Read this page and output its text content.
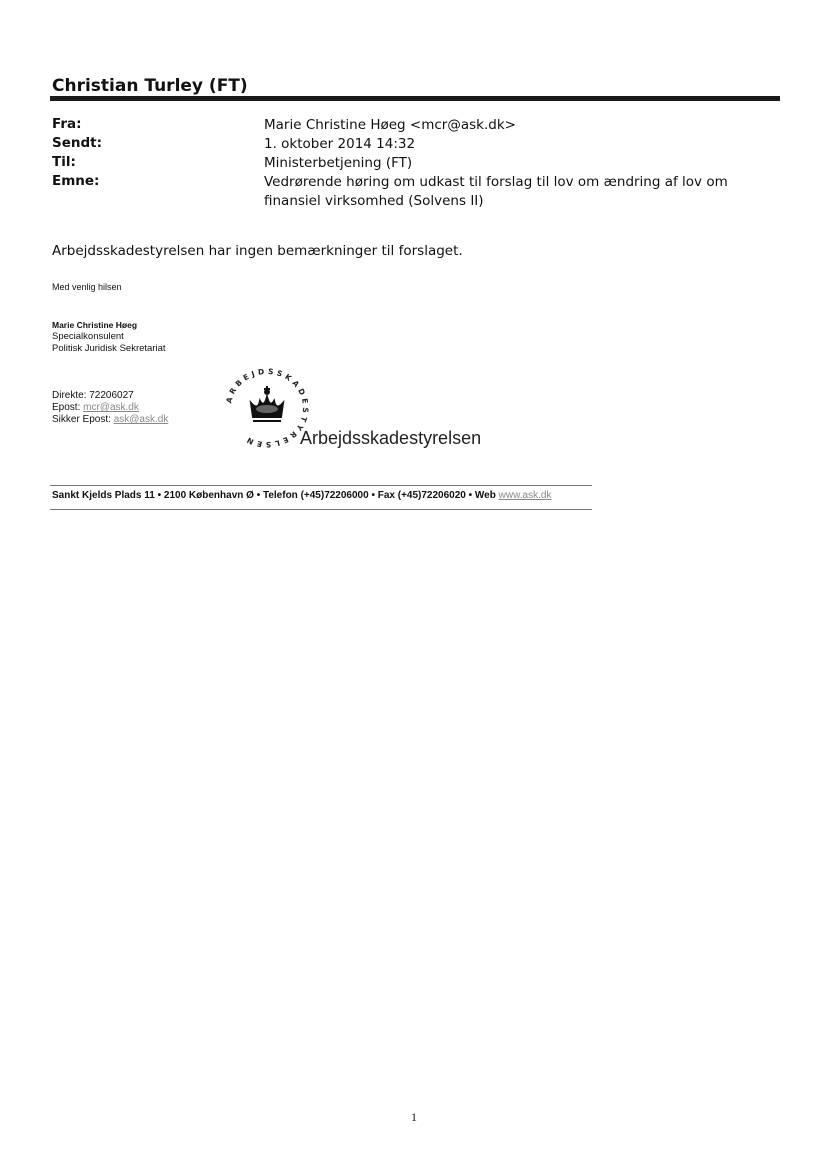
Christian Turley (FT)
Fra:	Marie Christine Høeg <mcr@ask.dk>
Sendt:	1. oktober 2014 14:32
Til:	Ministerbetjening (FT)
Emne:	Vedrørende høring om udkast til forslag til lov om ændring af lov om finansiel virksomhed (Solvens II)
Arbejdsskadestyrelsen har ingen bemærkninger til forslaget.
Med venlig hilsen
Marie Christine Høeg
Specialkonsulent
Politisk Juridisk Sekretariat
Direkte: 72206027
Epost: mcr@ask.dk
Sikker Epost: ask@ask.dk
ARBEJDSSKADESTYRELSEN	Arbejdsskadestyrelsen
Sankt Kjelds Plads 11 • 2100 København Ø • Telefon (+45)72206000 • Fax (+45)72206020 • Web www.ask.dk
1
